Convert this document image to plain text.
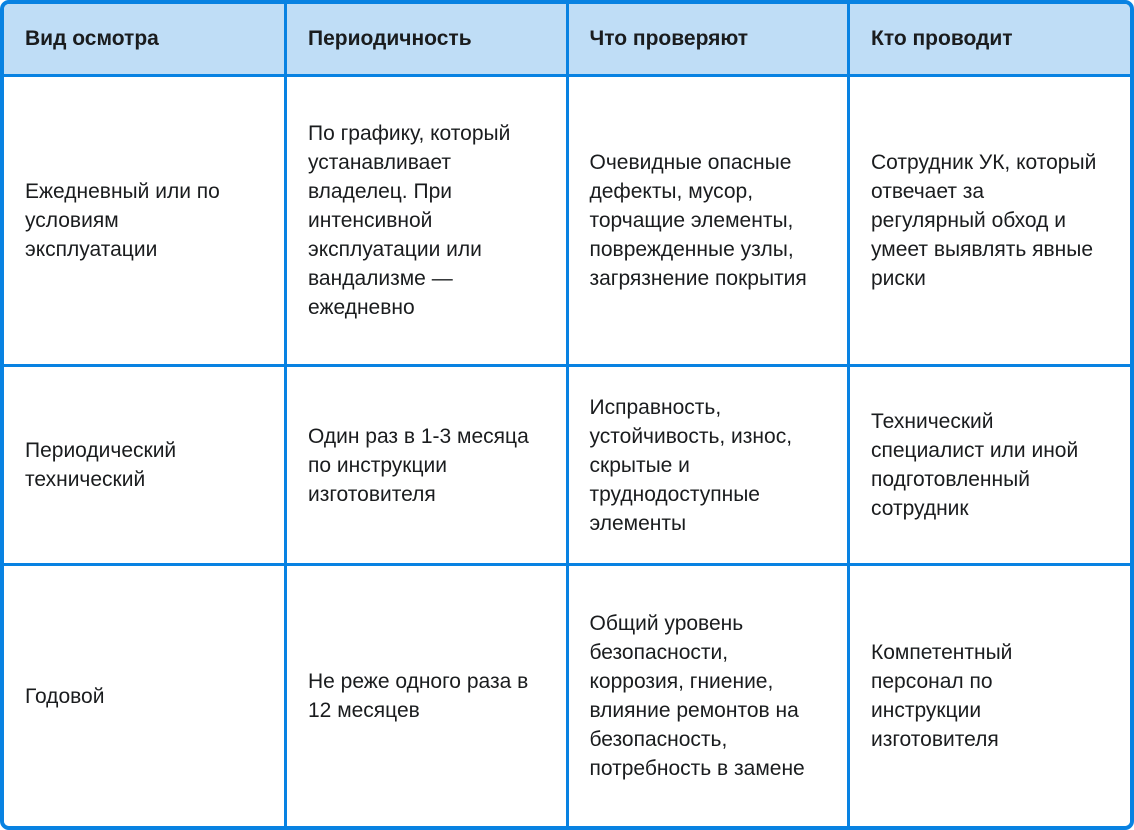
Вид осмотра	Периодичность	Что проверяют	Кто проводит
Ежедневный или по условиям эксплуатации	По графику, который устанавливает владелец. При интенсивной эксплуатации или вандализме — ежедневно	Очевидные опасные дефекты, мусор, торчащие элементы, поврежденные узлы, загрязнение покрытия	Сотрудник УК, который отвечает за регулярный обход и умеет выявлять явные риски
Периодический технический	Один раз в 1-3 месяца по инструкции изготовителя	Исправность, устойчивость, износ, скрытые и труднодоступные элементы	Технический специалист или иной подготовленный сотрудник
Годовой	Не реже одного раза в 12 месяцев	Общий уровень безопасности, коррозия, гниение, влияние ремонтов на безопасность, потребность в замене	Компетентный персонал по инструкции изготовителя
